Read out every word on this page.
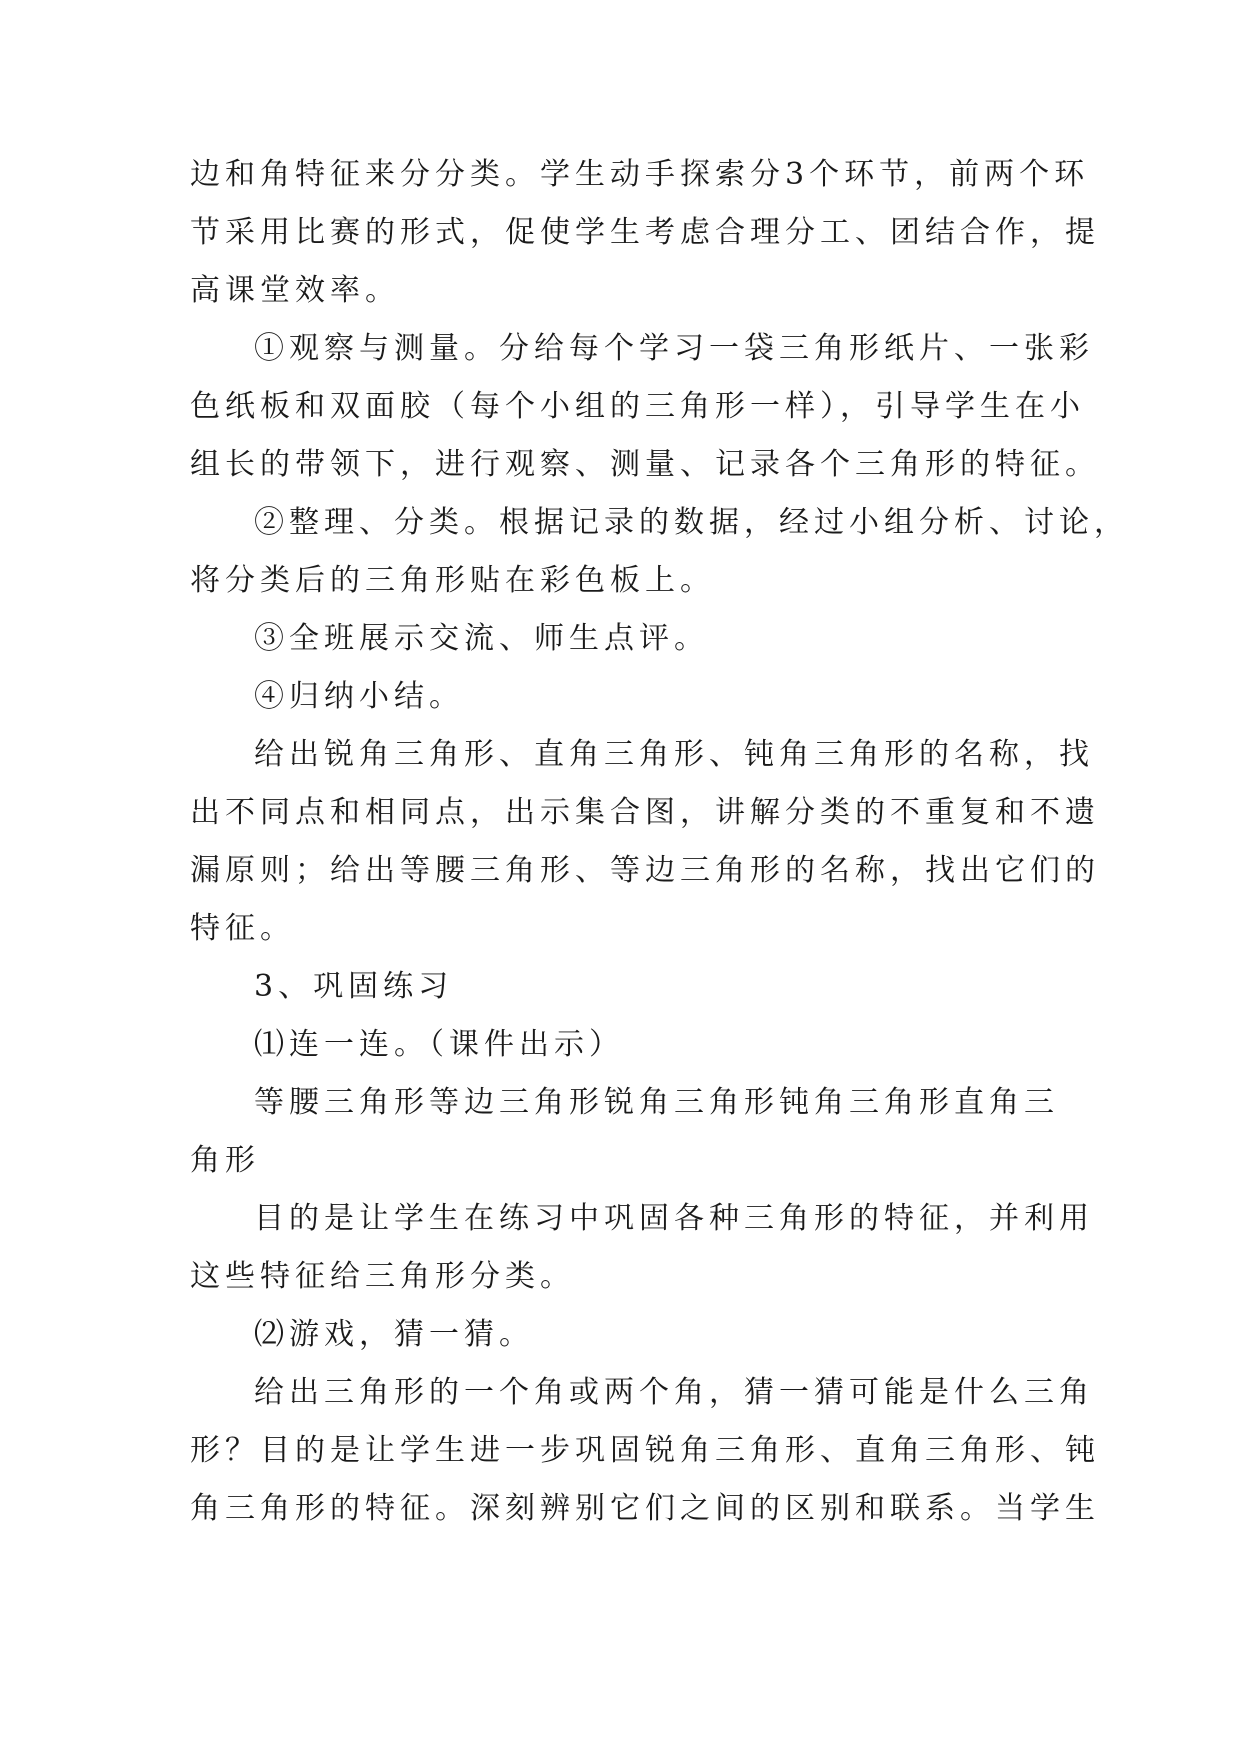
边和角特征来分分类。学生动手探索分3个环节，前两个环
节采用比赛的形式，促使学生考虑合理分工、团结合作，提
高课堂效率。
①观察与测量。分给每个学习一袋三角形纸片、一张彩
色纸板和双面胶（每个小组的三角形一样），引导学生在小
组长的带领下，进行观察、测量、记录各个三角形的特征。
②整理、分类。根据记录的数据，经过小组分析、讨论，
将分类后的三角形贴在彩色板上。
③全班展示交流、师生点评。
④归纳小结。
给出锐角三角形、直角三角形、钝角三角形的名称，找
出不同点和相同点，出示集合图，讲解分类的不重复和不遗
漏原则；给出等腰三角形、等边三角形的名称，找出它们的
特征。
3、巩固练习
⑴连一连。（课件出示）
等腰三角形等边三角形锐角三角形钝角三角形直角三
角形
目的是让学生在练习中巩固各种三角形的特征，并利用
这些特征给三角形分类。
⑵游戏，猜一猜。
给出三角形的一个角或两个角，猜一猜可能是什么三角
形？目的是让学生进一步巩固锐角三角形、直角三角形、钝
角三角形的特征。深刻辨别它们之间的区别和联系。当学生
